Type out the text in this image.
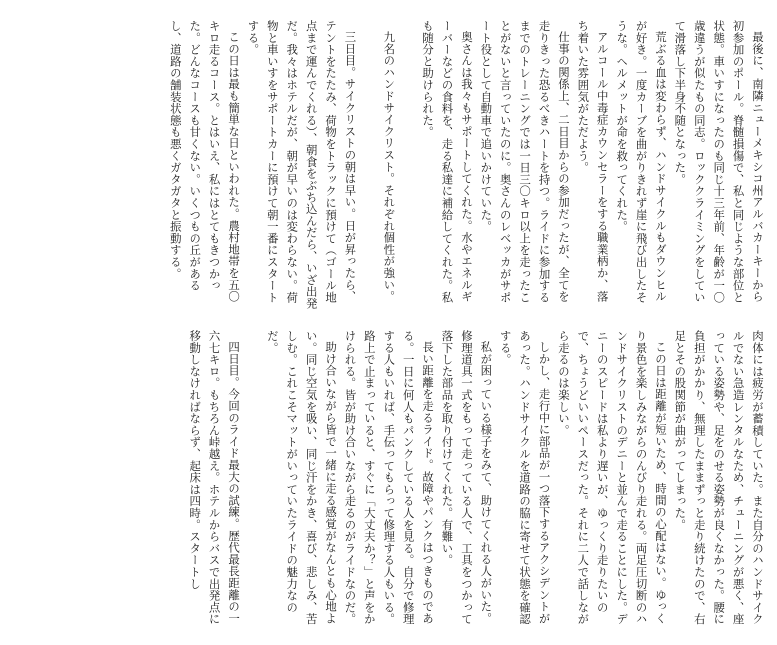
最後に、南隣ニューメキシコ州アルバカーキーから初参加のポール。脊髄損傷で、私と同じような部位と状態。車いすになったのも同じ十三年前、年齢が一〇歳違うが似たもの同志。ロッククライミングをしていて滑落し下半身不随となった。

荒ぶる血は変わらず、ハンドサイクルもダウンヒルが好き。一度カーブを曲がりきれず崖に飛び出したそうな。ヘルメットが命を救ってくれた。

アルコール中毒症カウンセラーをする職業柄か、落ち着いた雰囲気がただよう。

仕事の関係上、二日目からの参加だったが、全てを走りきった恐るべきハートを持つ。ライドに参加するまでのトレーニングでは一日三〇キロ以上を走ったことがないと言っていたのに。奥さんのレベッカがサポート役として自動車で追いかけていた。

奥さんは我々もサポートしてくれた。水やエネルギーバーなどの食料を、走る私達に補給してくれた。私も随分と助けられた。

九名のハンドサイクリスト。それぞれ個性が強い。

三日目。サイクリストの朝は早い。日が昇ったら、テントをたたみ、荷物をトラックに預けて（ゴール地点まで運んでくれる）、朝食をぶち込んだら、いざ出発だ。我々はホテルだが、朝が早いのは変わらない。荷物と車いすをサポートカーに預けて朝一番にスタートする。

この日は最も簡単な日といわれた。農村地帯を五〇キロ走るコース。とはいえ、私にはとてもきつかった。どんなコースも甘くない。いくつもの丘があるし、道路の舗装状態も悪くガタガタと振動する。

肉体には疲労が蓄積していた。また自分のハンドサイクルでない急造レンタルなため、チューニングが悪く、座っている姿勢や、足をのせる姿勢が良くなかった。腰に負担がかかり、無理したままずっと走り続けたので、右足とその股関節が曲がってしまった。

この日は距離が短いため、時間の心配はない。ゆっくり景色を楽しみながらのんびり走れる。両足圧切断のハンドサイクリストのデニーと並んで走ることにした。デニーのスピードは私より遅いが、ゆっくり走りたいので、ちょうどいいペースだった。それに二人で話しながら走るのは楽しい。

しかし、走行中に部品が一つ落下するアクシデントがあった。ハンドサイクルを道路の脇に寄せて状態を確認する。

私が困っている様子をみて、助けてくれる人がいた。修理道具一式をもって走っている人で、工具をつかって落下した部品を取り付けてくれた。有難い。

長い距離を走るライド。故障やパンクはつきものである。一日に何人もパンクしている人を見る。自分で修理する人もいれば、手伝ってもらって修理する人もいる。路上で止まっていると、すぐに「大丈夫か？」と声をかけられる。皆が助け合いながら走るのがライドなのだ。

助け合いながら皆で一緒に走る感覚がなんとも心地よい。同じ空気を吸い、同じ汗をかき、喜び、悲しみ、苦しむ。これこそマットがいっていたライドの魅力なのだ。

四日目。今回のライド最大の試練。歴代最長距離の一六七キロ。もちろん峠越え。ホテルからバスで出発点に移動しなければならず、起床は四時。スタートし
